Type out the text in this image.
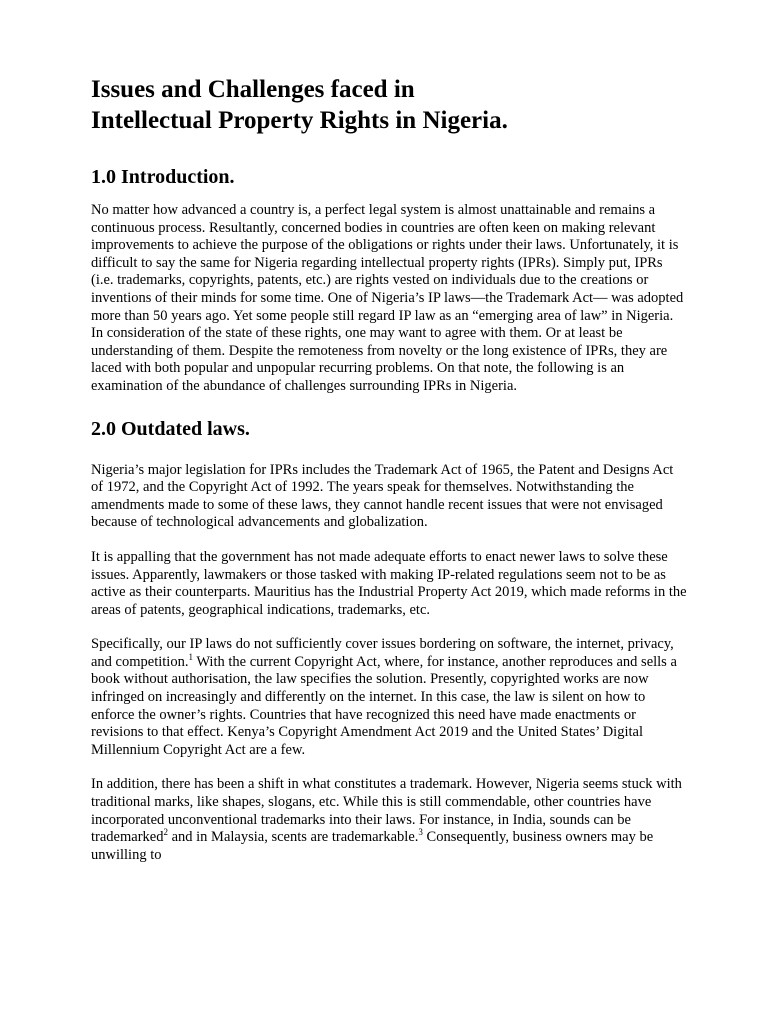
Issues and Challenges faced in
Intellectual Property Rights in Nigeria.
1.0 Introduction.

No matter how advanced a country is, a perfect legal system is almost unattainable and remains a continuous process. Resultantly, concerned bodies in countries are often keen on making relevant improvements to achieve the purpose of the obligations or rights under their laws. Unfortunately, it is difficult to say the same for Nigeria regarding intellectual property rights (IPRs). Simply put, IPRs (i.e. trademarks, copyrights, patents, etc.) are rights vested on individuals due to the creations or inventions of their minds for some time. One of Nigeria’s IP laws—the Trademark Act— was adopted more than 50 years ago. Yet some people still regard IP law as an “emerging area of law” in Nigeria. In consideration of the state of these rights, one may want to agree with them. Or at least be understanding of them. Despite the remoteness from novelty or the long existence of IPRs, they are laced with both popular and unpopular recurring problems. On that note, the following is an examination of the abundance of challenges surrounding IPRs in Nigeria.

2.0 Outdated laws.

Nigeria’s major legislation for IPRs includes the Trademark Act of 1965, the Patent and Designs Act of 1972, and the Copyright Act of 1992. The years speak for themselves. Notwithstanding the amendments made to some of these laws, they cannot handle recent issues that were not envisaged because of technological advancements and globalization.

It is appalling that the government has not made adequate efforts to enact newer laws to solve these issues. Apparently, lawmakers or those tasked with making IP-related regulations seem not to be as active as their counterparts. Mauritius has the Industrial Property Act 2019, which made reforms in the areas of patents, geographical indications, trademarks, etc.

Specifically, our IP laws do not sufficiently cover issues bordering on software, the internet, privacy, and competition.$^1$ With the current Copyright Act, where, for instance, another reproduces and sells a book without authorisation, the law specifies the solution. Presently, copyrighted works are now infringed on increasingly and differently on the internet. In this case, the law is silent on how to enforce the owner’s rights. Countries that have recognized this need have made enactments or revisions to that effect. Kenya’s Copyright Amendment Act 2019 and the United States’ Digital Millennium Copyright Act are a few.

In addition, there has been a shift in what constitutes a trademark. However, Nigeria seems stuck with traditional marks, like shapes, slogans, etc. While this is still commendable, other countries have incorporated unconventional trademarks into their laws. For instance, in India, sounds can be trademarked$^2$ and in Malaysia, scents are trademarkable.$^3$ Consequently, business owners may be unwilling to
